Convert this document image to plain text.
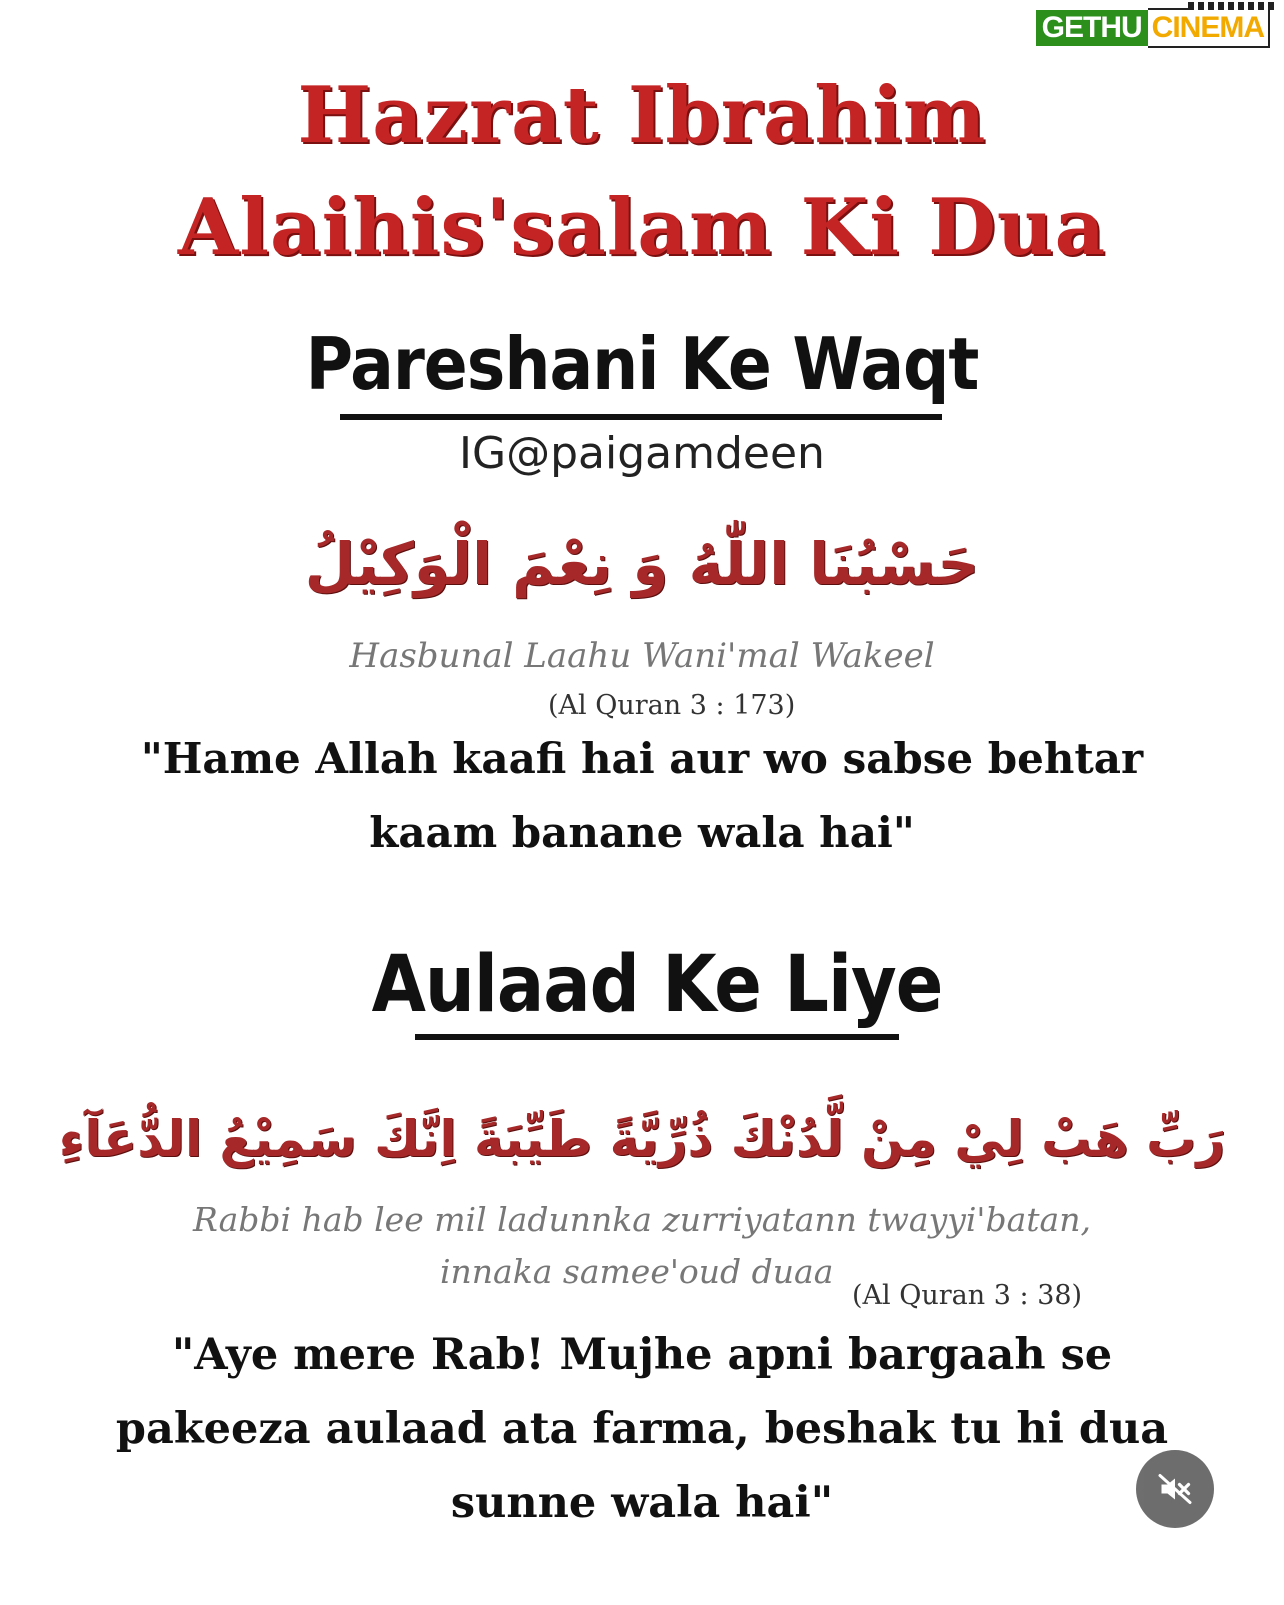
GETHU CINEMA
Hazrat Ibrahim
Alaihis'salam Ki Dua
Pareshani Ke Waqt
IG@paigamdeen
حَسْبُنَا اللّٰهُ وَ نِعْمَ الْوَكِيْلُ
Hasbunal Laahu Wani'mal Wakeel
(Al Quran 3 : 173)
"Hame Allah kaafi hai aur wo sabse behtar
kaam banane wala hai"
Aulaad Ke Liye
رَبِّ هَبْ لِيْ مِنْ لَّدُنْكَ ذُرِّيَّةً طَيِّبَةً اِنَّكَ سَمِيْعُ الدُّعَآءِ
Rabbi hab lee mil ladunnka zurriyatann twayyi'batan,
innaka samee'oud duaa
(Al Quran 3 : 38)
"Aye mere Rab! Mujhe apni bargaah se
pakeeza aulaad ata farma, beshak tu hi dua
sunne wala hai"
